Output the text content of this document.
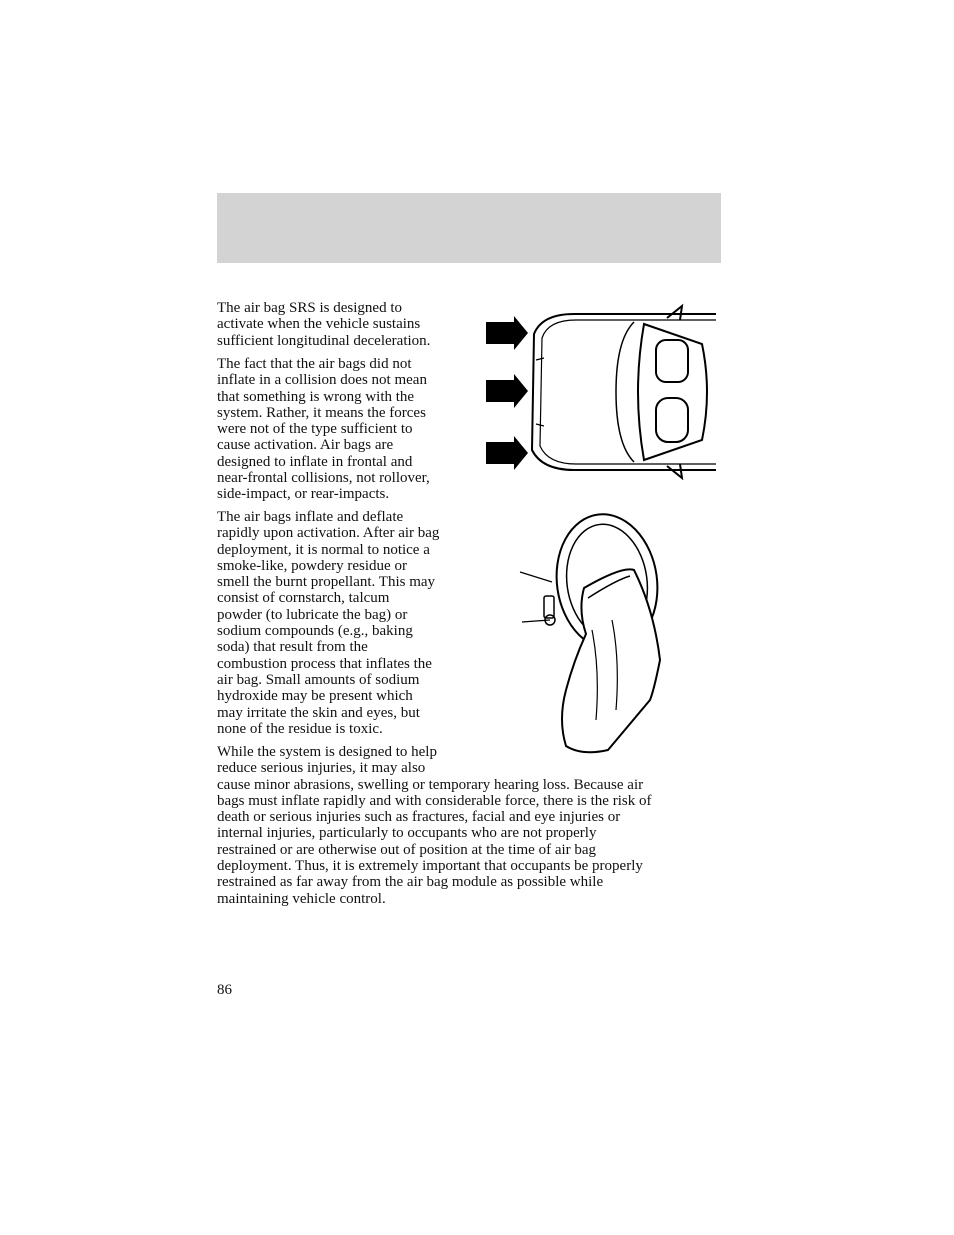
The air bag SRS is designed to
activate when the vehicle sustains
sufficient longitudinal deceleration.

The fact that the air bags did not
inflate in a collision does not mean
that something is wrong with the
system. Rather, it means the forces
were not of the type sufficient to
cause activation. Air bags are
designed to inflate in frontal and
near-frontal collisions, not rollover,
side-impact, or rear-impacts.

The air bags inflate and deflate
rapidly upon activation. After air bag
deployment, it is normal to notice a
smoke-like, powdery residue or
smell the burnt propellant. This may
consist of cornstarch, talcum
powder (to lubricate the bag) or
sodium compounds (e.g., baking
soda) that result from the
combustion process that inflates the
air bag. Small amounts of sodium
hydroxide may be present which
may irritate the skin and eyes, but
none of the residue is toxic.

While the system is designed to help
reduce serious injuries, it may also
cause minor abrasions, swelling or temporary hearing loss. Because air
bags must inflate rapidly and with considerable force, there is the risk of
death or serious injuries such as fractures, facial and eye injuries or
internal injuries, particularly to occupants who are not properly
restrained or are otherwise out of position at the time of air bag
deployment. Thus, it is extremely important that occupants be properly
restrained as far away from the air bag module as possible while
maintaining vehicle control.

86
